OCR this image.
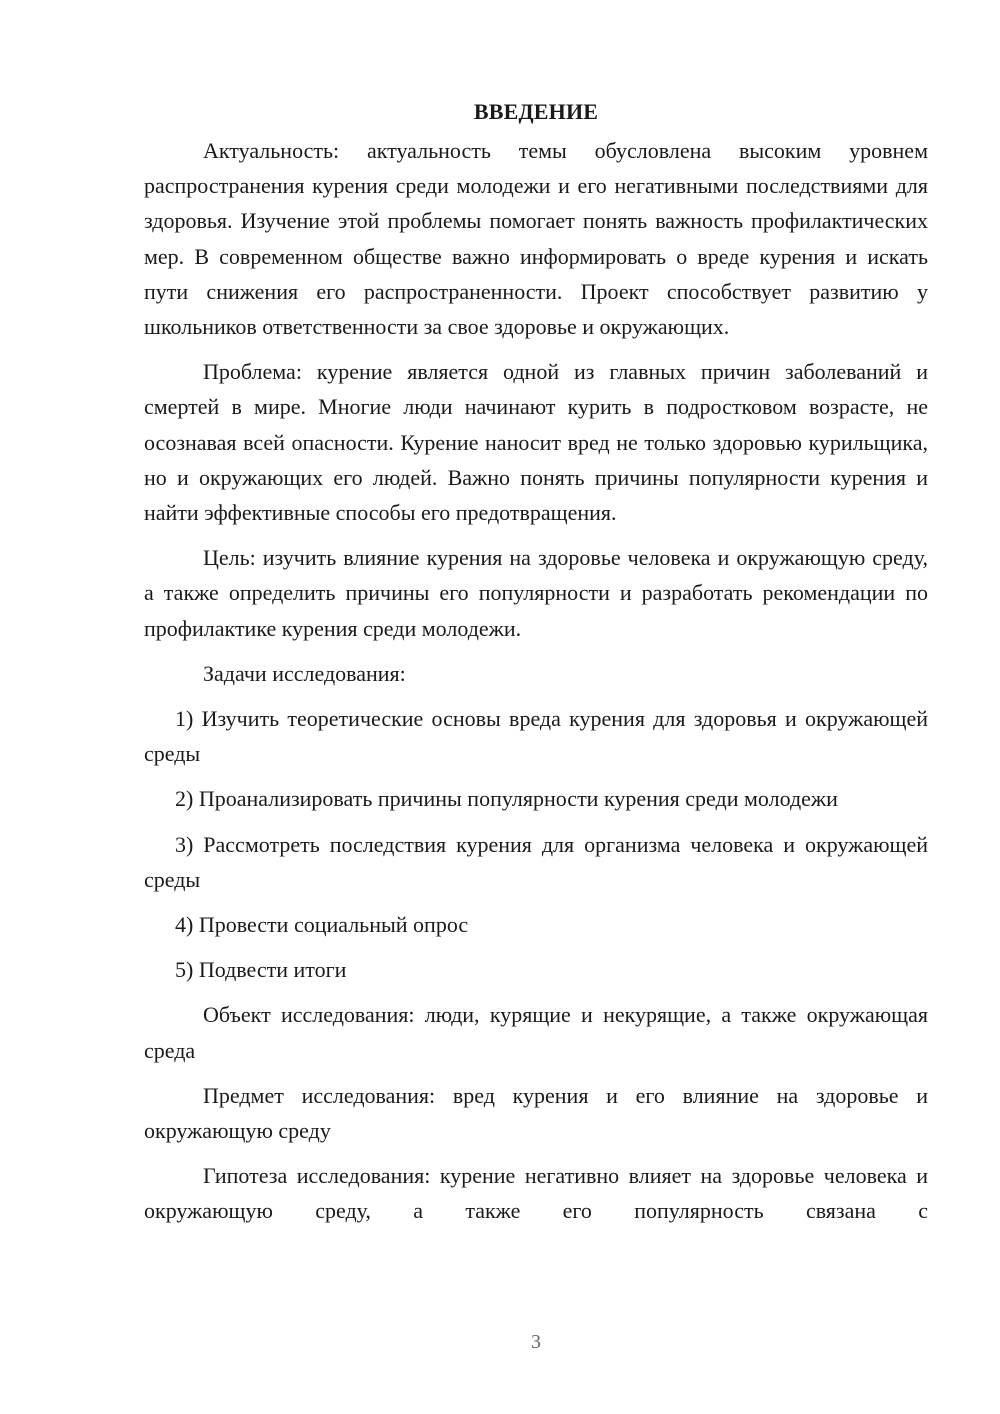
ВВЕДЕНИЕ

Актуальность: актуальность темы обусловлена высоким уровнем распространения курения среди молодежи и его негативными последствиями для здоровья. Изучение этой проблемы помогает понять важность профилактических мер. В современном обществе важно информировать о вреде курения и искать пути снижения его распространенности. Проект способствует развитию у школьников ответственности за свое здоровье и окружающих.

Проблема: курение является одной из главных причин заболеваний и смертей в мире. Многие люди начинают курить в подростковом возрасте, не осознавая всей опасности. Курение наносит вред не только здоровью курильщика, но и окружающих его людей. Важно понять причины популярности курения и найти эффективные способы его предотвращения.

Цель: изучить влияние курения на здоровье человека и окружающую среду, а также определить причины его популярности и разработать рекомендации по профилактике курения среди молодежи.

Задачи исследования:

1) Изучить теоретические основы вреда курения для здоровья и окружающей среды

2) Проанализировать причины популярности курения среди молодежи

3) Рассмотреть последствия курения для организма человека и окружающей среды

4) Провести социальный опрос

5) Подвести итоги

Объект исследования: люди, курящие и некурящие, а также окружающая среда

Предмет исследования: вред курения и его влияние на здоровье и окружающую среду

Гипотеза исследования: курение негативно влияет на здоровье человека и окружающую среду, а также его популярность связана с

3
